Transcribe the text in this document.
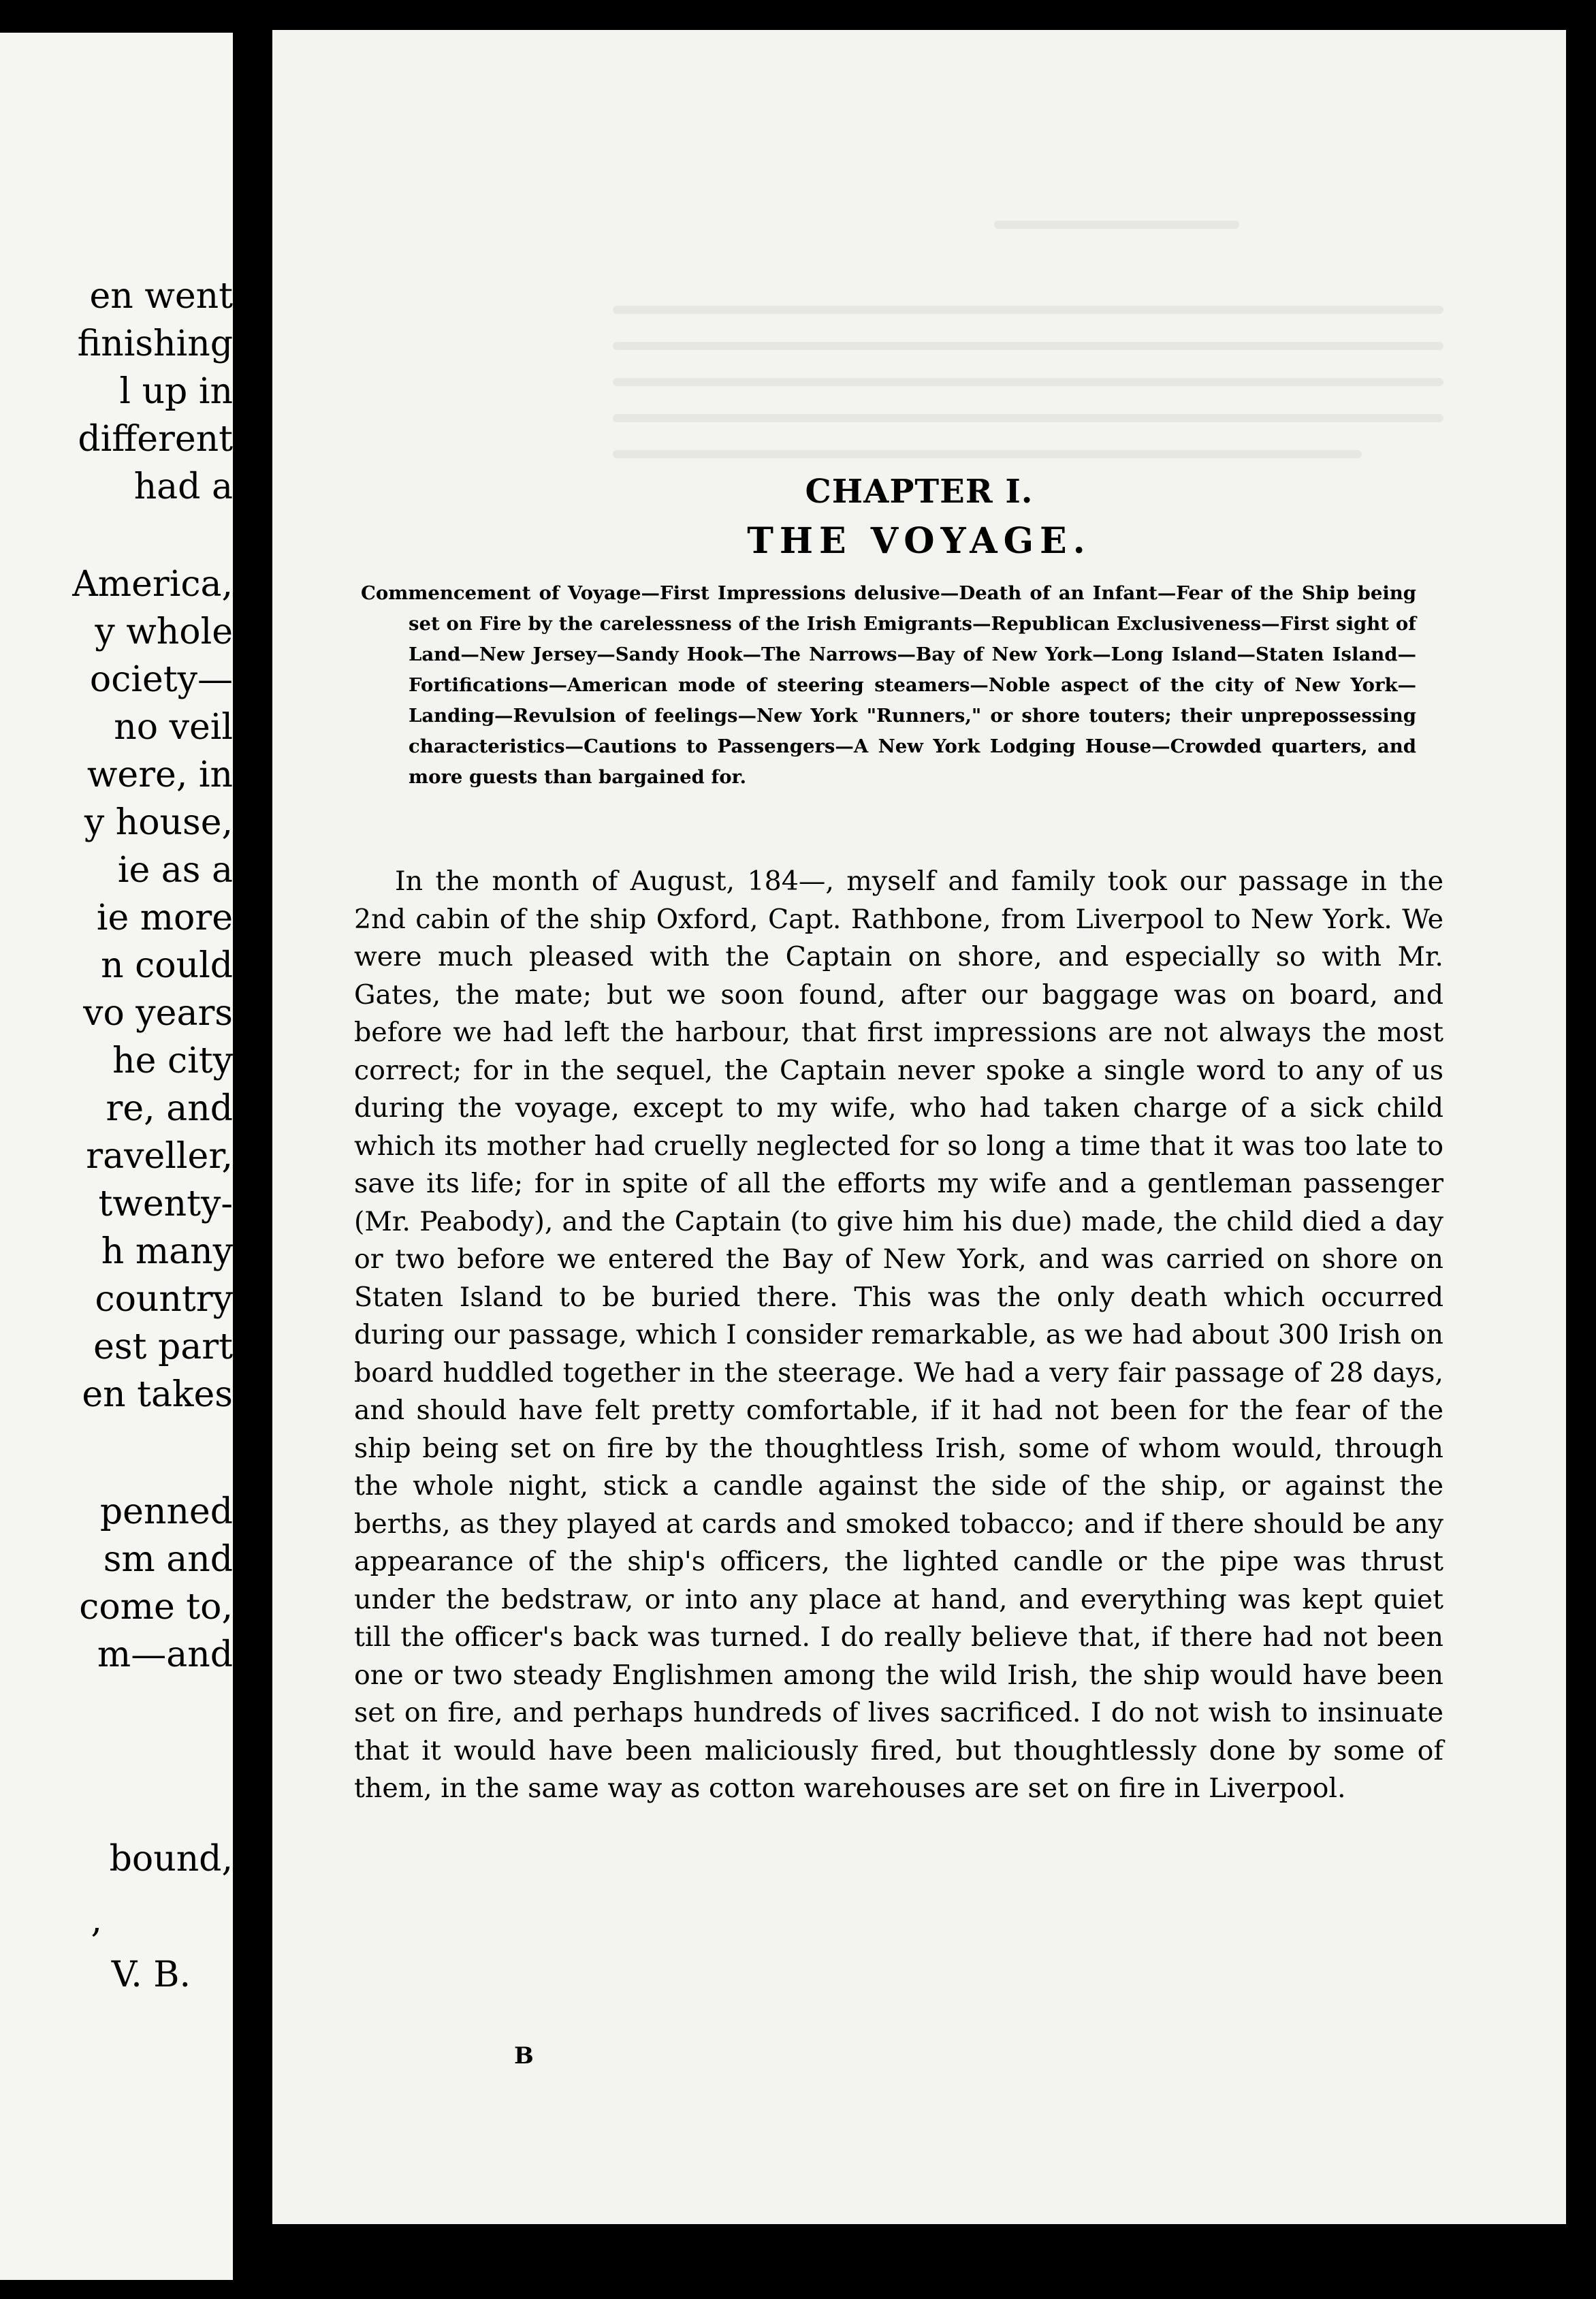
en went
finishing
l up in
different
had a
America,
y whole
ociety—
no veil
were, in
y house,
ie as a
ie more
n could
vo years
he city
re, and
raveller,
twenty-
h many
country
est part
en takes
penned
sm and
come to,
m—and
bound,
,
V. B.
CHAPTER I.
THE VOYAGE.
Commencement of Voyage—First Impressions delusive—Death of an Infant—Fear of the Ship being set on Fire by the carelessness of the Irish Emigrants—Republican Exclusiveness—First sight of Land—New Jersey—Sandy Hook—The Narrows—Bay of New York—Long Island—Staten Island—Fortifications—American mode of steering steamers—Noble aspect of the city of New York—Landing—Revulsion of feelings—New York "Runners," or shore touters; their unprepossessing characteristics—Cautions to Passengers—A New York Lodging House—Crowded quarters, and more guests than bargained for.
In the month of August, 184—, myself and family took our passage in the 2nd cabin of the ship Oxford, Capt. Rathbone, from Liverpool to New York. We were much pleased with the Captain on shore, and especially so with Mr. Gates, the mate; but we soon found, after our baggage was on board, and before we had left the harbour, that first impressions are not always the most correct; for in the sequel, the Captain never spoke a single word to any of us during the voyage, except to my wife, who had taken charge of a sick child which its mother had cruelly neglected for so long a time that it was too late to save its life; for in spite of all the efforts my wife and a gentleman passenger (Mr. Peabody), and the Captain (to give him his due) made, the child died a day or two before we entered the Bay of New York, and was carried on shore on Staten Island to be buried there. This was the only death which occurred during our passage, which I consider remarkable, as we had about 300 Irish on board huddled together in the steerage. We had a very fair passage of 28 days, and should have felt pretty comfortable, if it had not been for the fear of the ship being set on fire by the thoughtless Irish, some of whom would, through the whole night, stick a candle against the side of the ship, or against the berths, as they played at cards and smoked tobacco; and if there should be any appearance of the ship's officers, the lighted candle or the pipe was thrust under the bedstraw, or into any place at hand, and everything was kept quiet till the officer's back was turned. I do really believe that, if there had not been one or two steady Englishmen among the wild Irish, the ship would have been set on fire, and perhaps hundreds of lives sacrificed. I do not wish to insinuate that it would have been maliciously fired, but thoughtlessly done by some of them, in the same way as cotton warehouses are set on fire in Liverpool.
B
